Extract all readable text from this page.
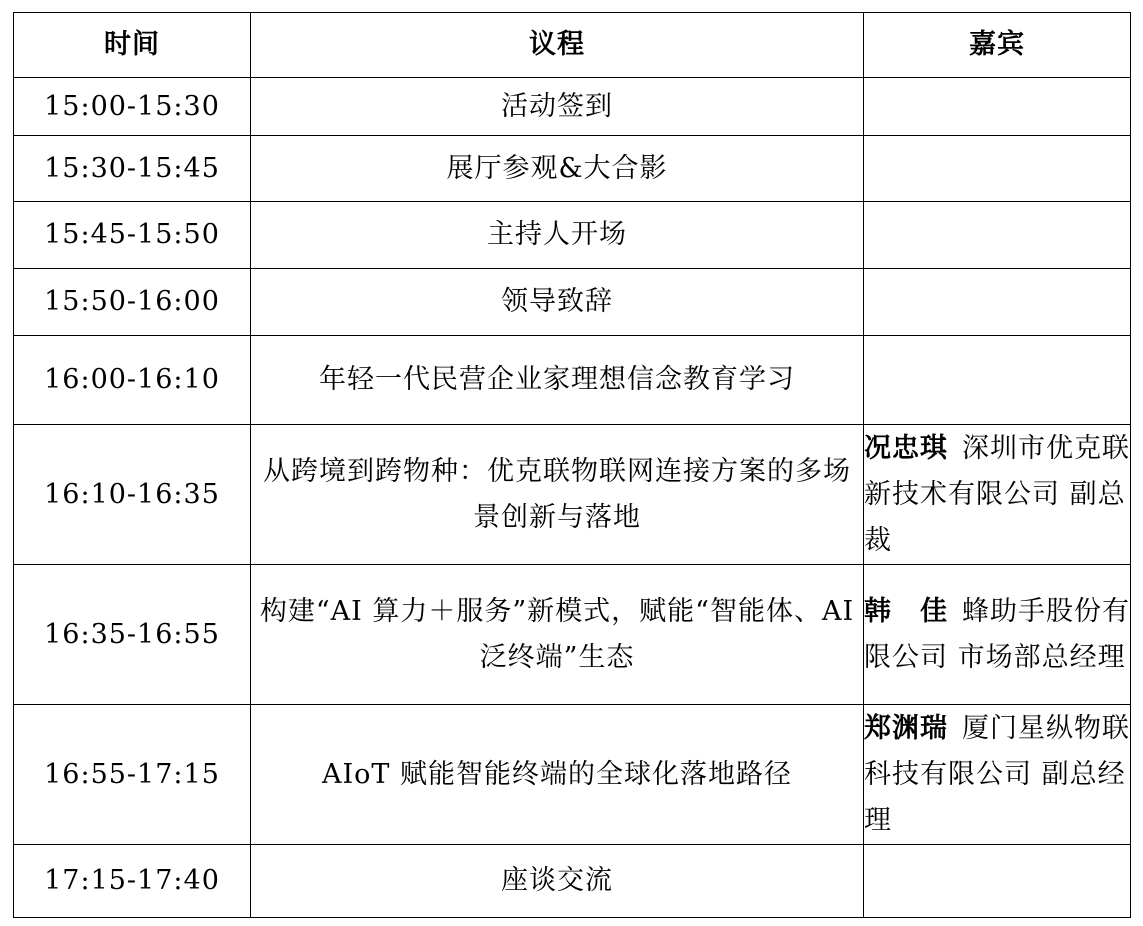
时间	议程	嘉宾
15:00-15:30	活动签到	
15:30-15:45	展厅参观&大合影	
15:45-15:50	主持人开场	
15:50-16:00	领导致辞	
16:00-16:10	年轻一代民营企业家理想信念教育学习	
16:10-16:35	从跨境到跨物种：优克联物联网连接方案的多场景创新与落地	况忠琪 深圳市优克联新技术有限公司 副总裁
16:35-16:55	构建“AI 算力＋服务”新模式，赋能“智能体、AI 泛终端”生态	韩　佳 蜂助手股份有限公司 市场部总经理
16:55-17:15	AIoT 赋能智能终端的全球化落地路径	郑渊瑞 厦门星纵物联科技有限公司 副总经理
17:15-17:40	座谈交流	
